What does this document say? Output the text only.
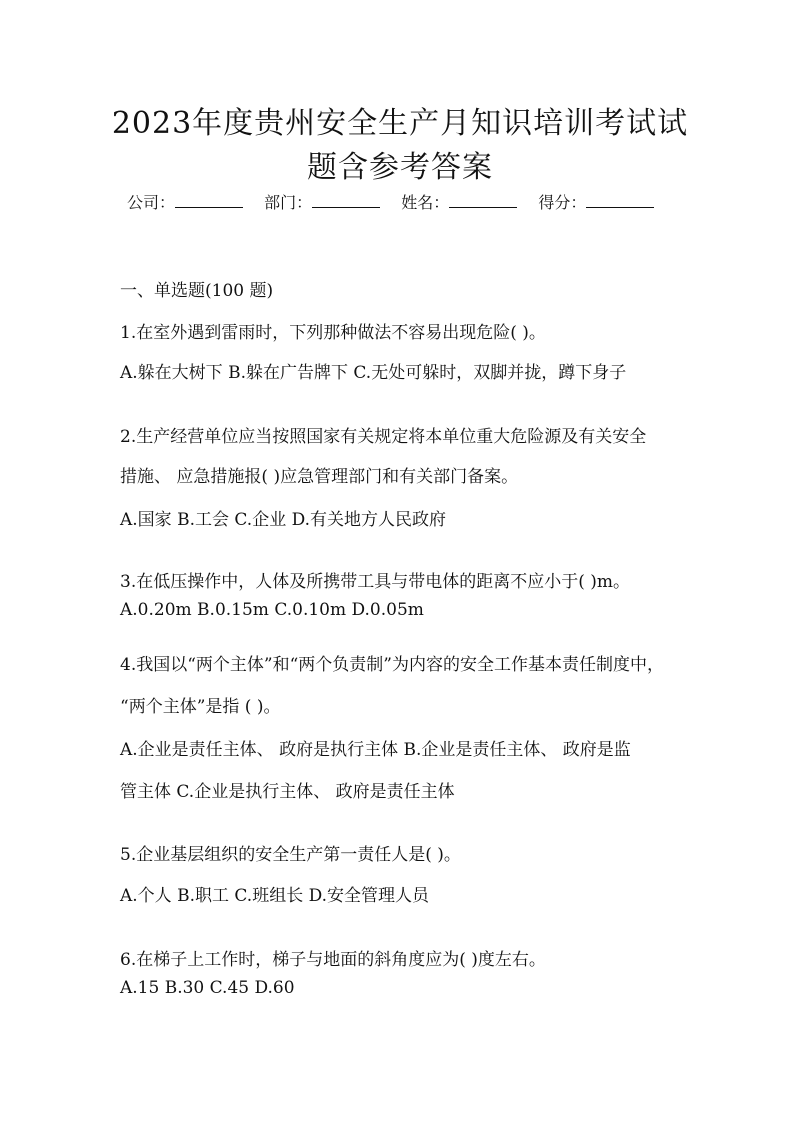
2023年度贵州安全生产月知识培训考试试
题含参考答案
公司：	部门：	姓名：	得分：

一、单选题(100 题)

1.在室外遇到雷雨时，下列那种做法不容易出现危险( )。

A.躲在大树下 B.躲在广告牌下 C.无处可躲时，双脚并拢，蹲下身子

2.生产经营单位应当按照国家有关规定将本单位重大危险源及有关安全

措施、 应急措施报( )应急管理部门和有关部门备案。

A.国家 B.工会 C.企业 D.有关地方人民政府

3.在低压操作中，人体及所携带工具与带电体的距离不应小于( )m。

A.0.20m B.0.15m C.0.10m D.0.05m

4.我国以“两个主体”和“两个负责制”为内容的安全工作基本责任制度中，

“两个主体”是指 ( )。

A.企业是责任主体、 政府是执行主体 B.企业是责任主体、 政府是监

管主体 C.企业是执行主体、 政府是责任主体

5.企业基层组织的安全生产第一责任人是( )。

A.个人 B.职工 C.班组长 D.安全管理人员

6.在梯子上工作时，梯子与地面的斜角度应为( )度左右。

A.15 B.30 C.45 D.60
